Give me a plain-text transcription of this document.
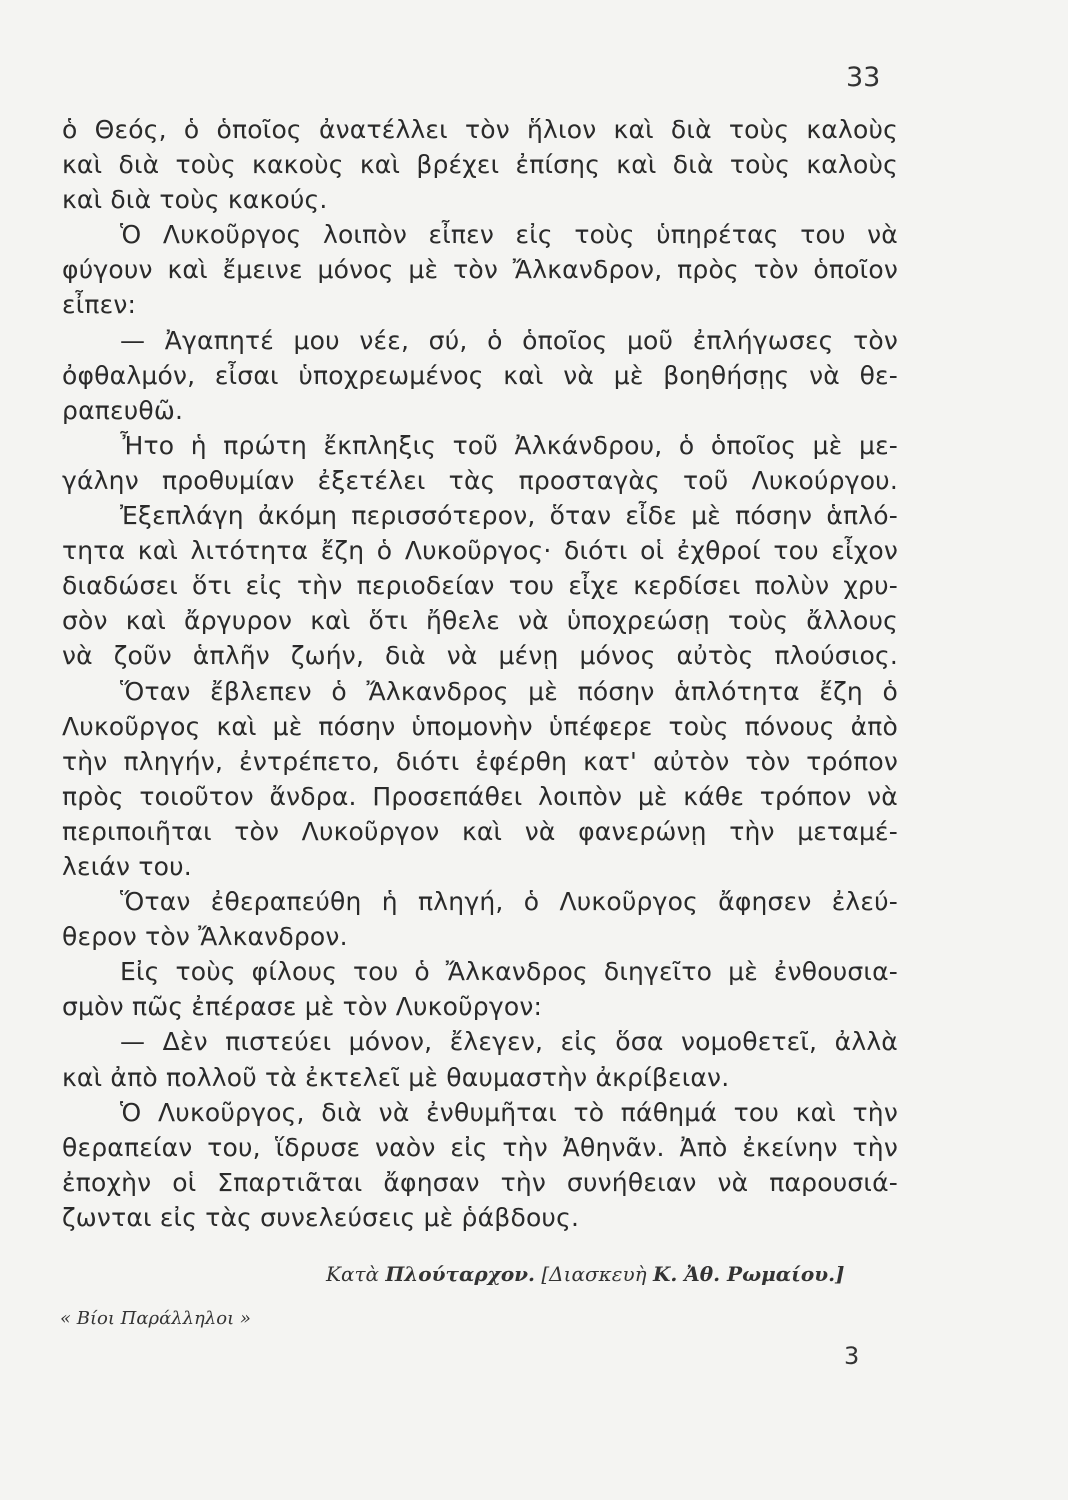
33
ὁ Θεός, ὁ ὁποῖος ἀνατέλλει τὸν ἥλιον καὶ διὰ τοὺς καλοὺς
καὶ διὰ τοὺς κακοὺς καὶ βρέχει ἐπίσης καὶ διὰ τοὺς καλοὺς
καὶ διὰ τοὺς κακούς.
Ὁ Λυκοῦργος λοιπὸν εἶπεν εἰς τοὺς ὑπηρέτας του νὰ
φύγουν καὶ ἔμεινε μόνος μὲ τὸν Ἄλκανδρον, πρὸς τὸν ὁποῖον
εἶπεν:
— Ἀγαπητέ μου νέε, σύ, ὁ ὁποῖος μοῦ ἐπλήγωσες τὸν
ὀφθαλμόν, εἶσαι ὑποχρεωμένος καὶ νὰ μὲ βοηθήσῃς νὰ θε-
ραπευθῶ.
Ἦτο ἡ πρώτη ἔκπληξις τοῦ Ἀλκάνδρου, ὁ ὁποῖος μὲ με-
γάλην προθυμίαν ἐξετέλει τὰς προσταγὰς τοῦ Λυκούργου.
Ἐξεπλάγη ἀκόμη περισσότερον, ὅταν εἶδε μὲ πόσην ἁπλό-
τητα καὶ λιτότητα ἔζη ὁ Λυκοῦργος· διότι οἱ ἐχθροί του εἶχον
διαδώσει ὅτι εἰς τὴν περιοδείαν του εἶχε κερδίσει πολὺν χρυ-
σὸν καὶ ἄργυρον καὶ ὅτι ἤθελε νὰ ὑποχρεώσῃ τοὺς ἄλλους
νὰ ζοῦν ἁπλῆν ζωήν, διὰ νὰ μένῃ μόνος αὐτὸς πλούσιος.
Ὅταν ἔβλεπεν ὁ Ἄλκανδρος μὲ πόσην ἁπλότητα ἔζη ὁ
Λυκοῦργος καὶ μὲ πόσην ὑπομονὴν ὑπέφερε τοὺς πόνους ἀπὸ
τὴν πληγήν, ἐντρέπετο, διότι ἐφέρθη κατ' αὐτὸν τὸν τρόπον
πρὸς τοιοῦτον ἄνδρα. Προσεπάθει λοιπὸν μὲ κάθε τρόπον νὰ
περιποιῆται τὸν Λυκοῦργον καὶ νὰ φανερώνῃ τὴν μεταμέ-
λειάν του.
Ὅταν ἐθεραπεύθη ἡ πληγή, ὁ Λυκοῦργος ἄφησεν ἐλεύ-
θερον τὸν Ἄλκανδρον.
Εἰς τοὺς φίλους του ὁ Ἄλκανδρος διηγεῖτο μὲ ἐνθουσια-
σμὸν πῶς ἐπέρασε μὲ τὸν Λυκοῦργον:
— Δὲν πιστεύει μόνον, ἔλεγεν, εἰς ὅσα νομοθετεῖ, ἀλλὰ
καὶ ἀπὸ πολλοῦ τὰ ἐκτελεῖ μὲ θαυμαστὴν ἀκρίβειαν.
Ὁ Λυκοῦργος, διὰ νὰ ἐνθυμῆται τὸ πάθημά του καὶ τὴν
θεραπείαν του, ἵδρυσε ναὸν εἰς τὴν Ἀθηνᾶν. Ἀπὸ ἐκείνην τὴν
ἐποχὴν οἱ Σπαρτιᾶται ἄφησαν τὴν συνήθειαν νὰ παρουσιά-
ζωνται εἰς τὰς συνελεύσεις μὲ ῥάβδους.
Κατὰ Πλούταρχον. [Διασκευὴ Κ. Ἀθ. Ρωμαίου.]
« Βίοι Παράλληλοι »
3
